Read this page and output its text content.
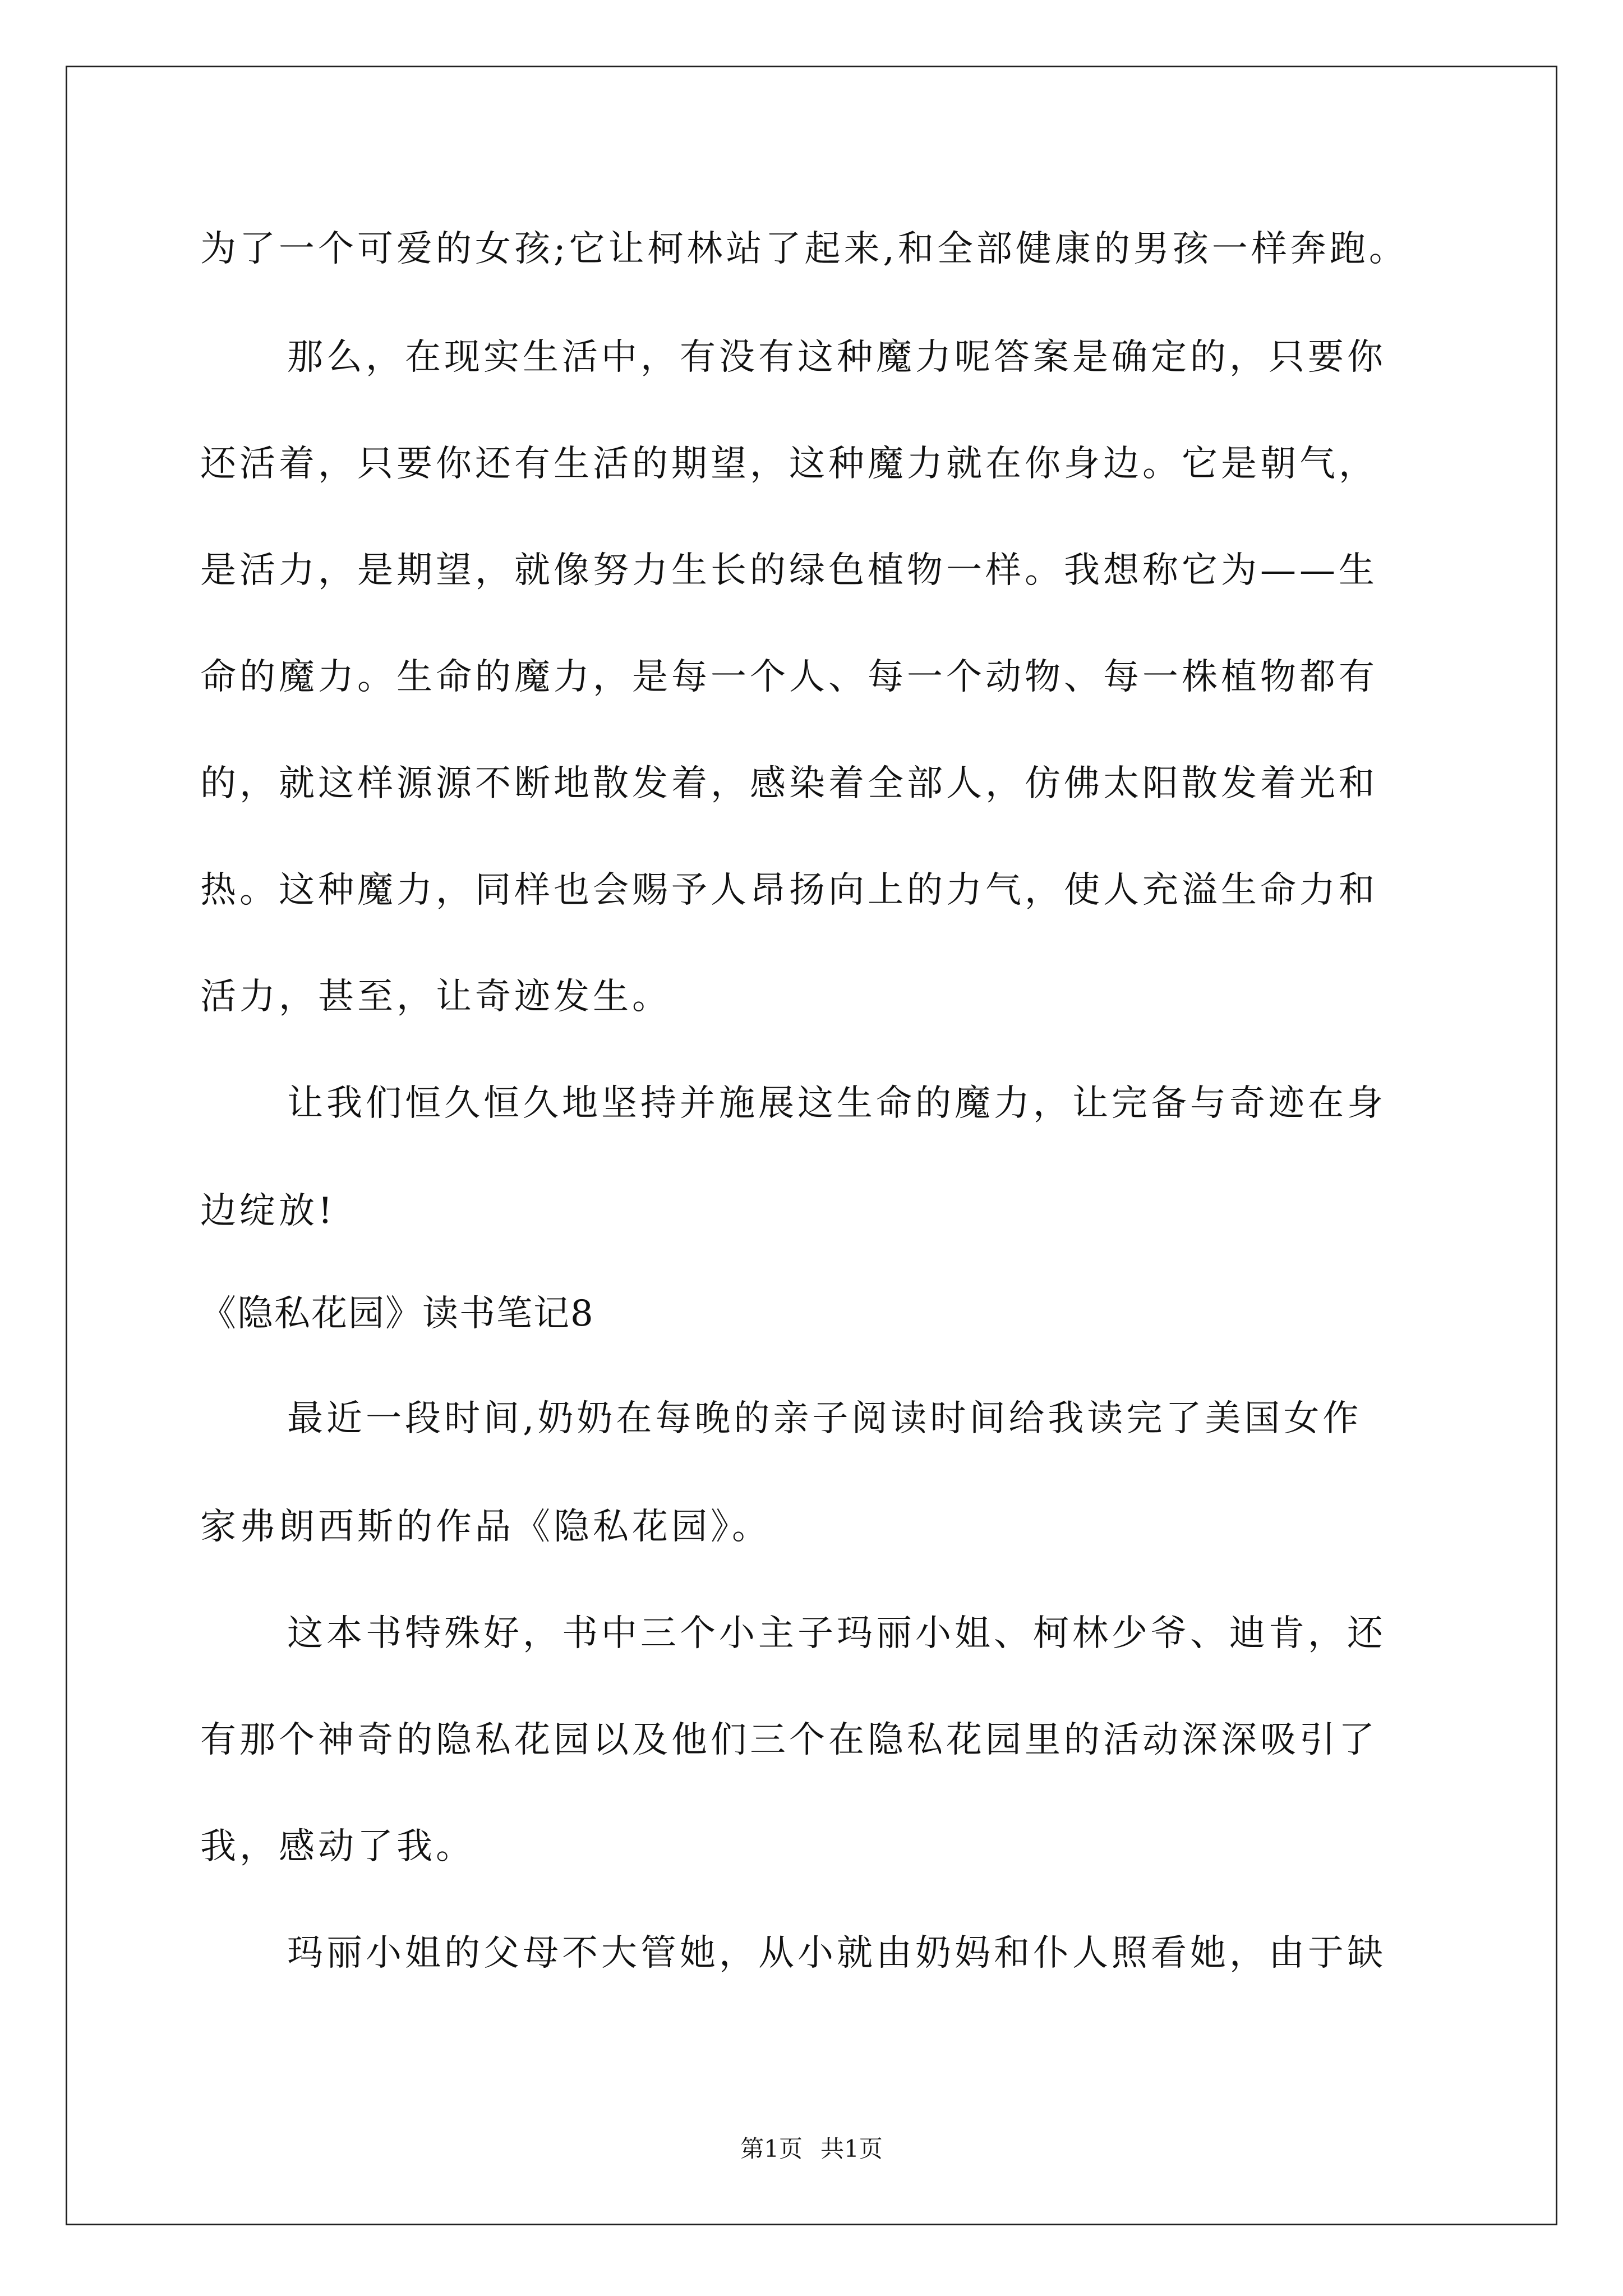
为了一个可爱的女孩;它让柯林站了起来,和全部健康的男孩一样奔跑。
那么，在现实生活中，有没有这种魔力呢答案是确定的，只要你
还活着，只要你还有生活的期望，这种魔力就在你身边。它是朝气，
是活力，是期望，就像努力生长的绿色植物一样。我想称它为——生
命的魔力。生命的魔力，是每一个人、每一个动物、每一株植物都有
的，就这样源源不断地散发着，感染着全部人，仿佛太阳散发着光和
热。这种魔力，同样也会赐予人昂扬向上的力气，使人充溢生命力和
活力，甚至，让奇迹发生。
让我们恒久恒久地坚持并施展这生命的魔力，让完备与奇迹在身
边绽放!
《隐私花园》读书笔记8
最近一段时间,奶奶在每晚的亲子阅读时间给我读完了美国女作
家弗朗西斯的作品《隐私花园》。
这本书特殊好，书中三个小主子玛丽小姐、柯林少爷、迪肯，还
有那个神奇的隐私花园以及他们三个在隐私花园里的活动深深吸引了
我，感动了我。
玛丽小姐的父母不大管她，从小就由奶妈和仆人照看她，由于缺
第1页 共1页
